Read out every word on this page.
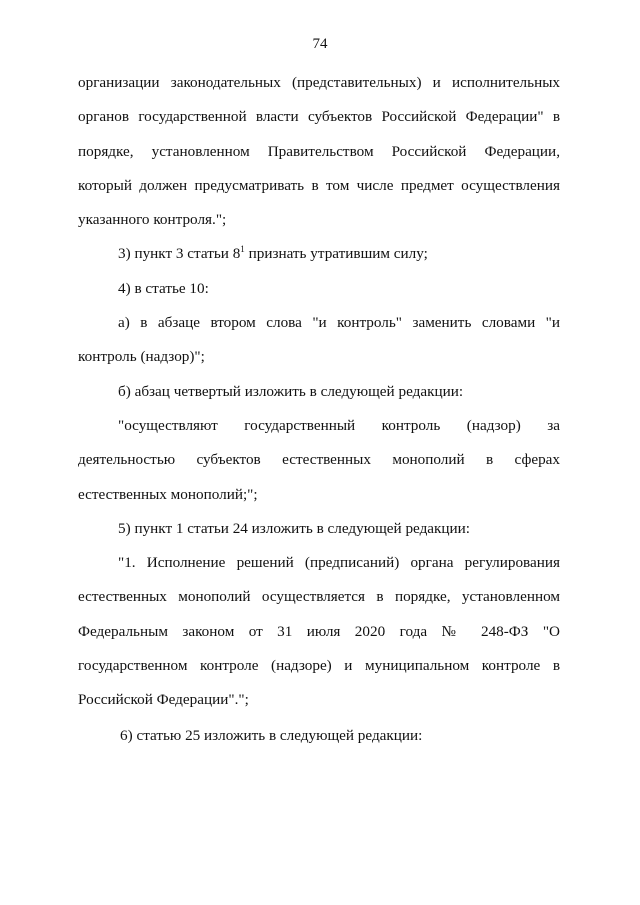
74

организации законодательных (представительных) и исполнительных органов государственной власти субъектов Российской Федерации" в порядке, установленном Правительством Российской Федерации, который должен предусматривать в том числе предмет осуществления указанного контроля.";

3) пункт 3 статьи $8^1$ признать утратившим силу;

4) в статье 10:

а) в абзаце втором слова "и контроль" заменить словами "и контроль (надзор)";

б) абзац четвертый изложить в следующей редакции:

"осуществляют государственный контроль (надзор) за деятельностью субъектов естественных монополий в сферах естественных монополий;";

5) пункт 1 статьи 24 изложить в следующей редакции:

"1. Исполнение решений (предписаний) органа регулирования естественных монополий осуществляется в порядке, установленном Федеральным законом от 31 июля 2020 года № 248-ФЗ "О государственном контроле (надзоре) и муниципальном контроле в Российской Федерации".";

6) статью 25 изложить в следующей редакции:
